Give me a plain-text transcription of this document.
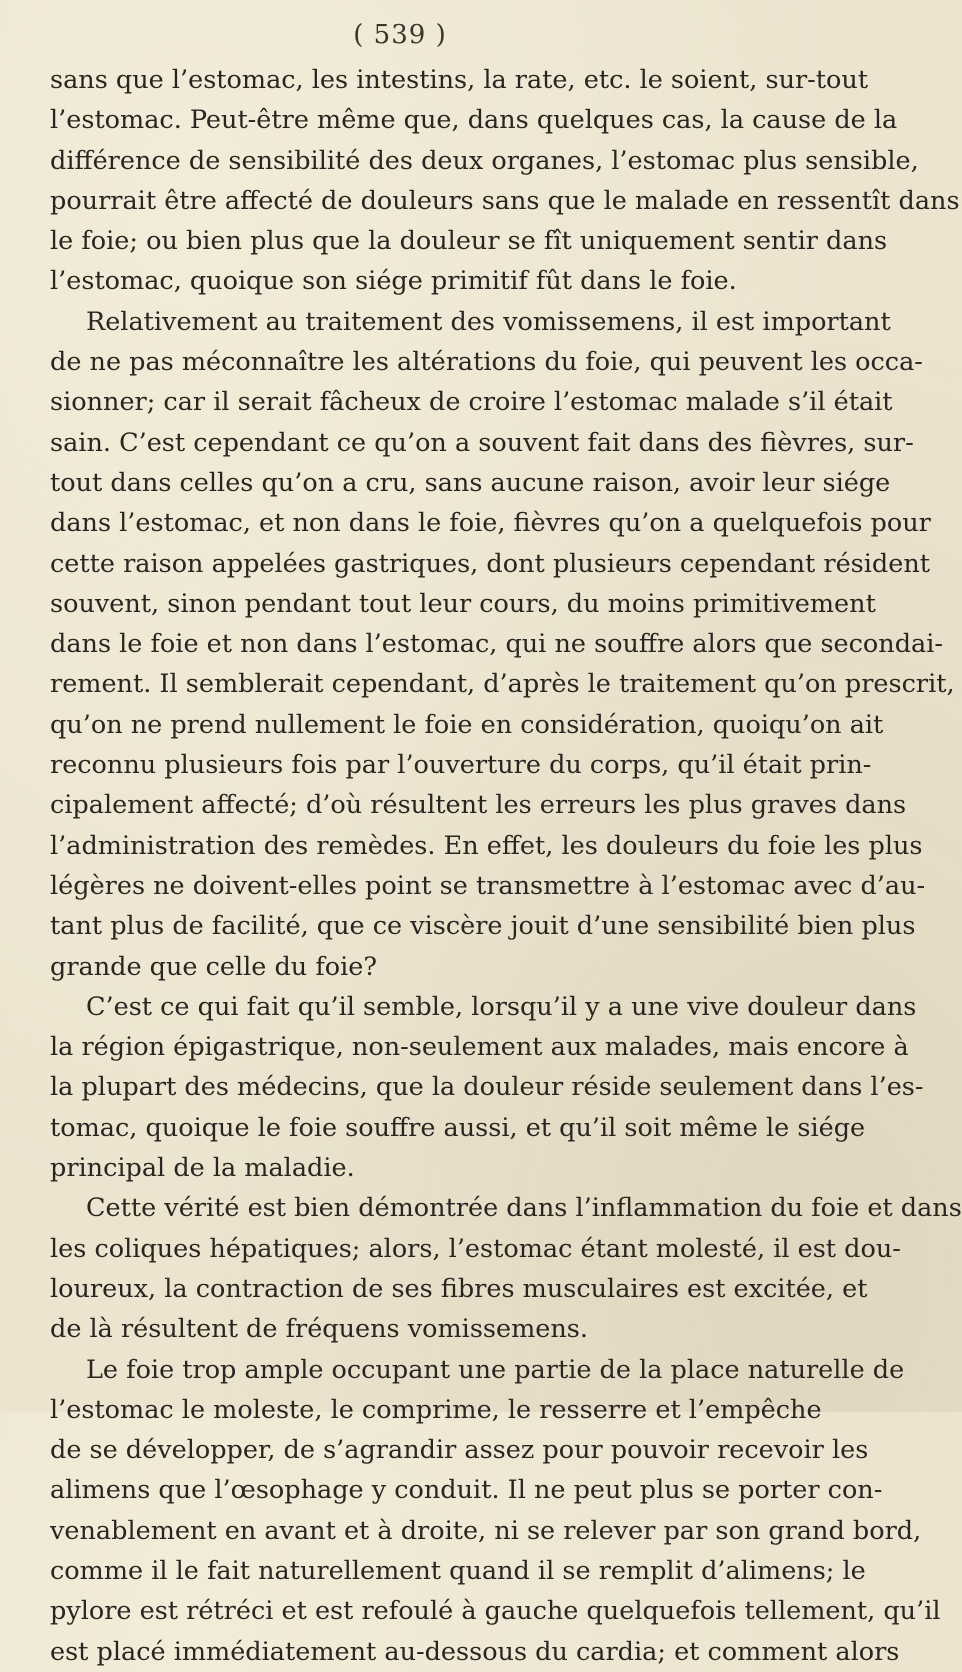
( 539 )
sans que l’estomac, les intestins, la rate, etc. le soient, sur-tout
l’estomac. Peut-être même que, dans quelques cas, la cause de la
différence de sensibilité des deux organes, l’estomac plus sensible,
pourrait être affecté de douleurs sans que le malade en ressentît dans
le foie; ou bien plus que la douleur se fît uniquement sentir dans
l’estomac, quoique son siége primitif fût dans le foie.
Relativement au traitement des vomissemens, il est important
de ne pas méconnaître les altérations du foie, qui peuvent les occa-
sionner; car il serait fâcheux de croire l’estomac malade s’il était
sain. C’est cependant ce qu’on a souvent fait dans des fièvres, sur-
tout dans celles qu’on a cru, sans aucune raison, avoir leur siége
dans l’estomac, et non dans le foie, fièvres qu’on a quelquefois pour
cette raison appelées gastriques, dont plusieurs cependant résident
souvent, sinon pendant tout leur cours, du moins primitivement
dans le foie et non dans l’estomac, qui ne souffre alors que secondai-
rement. Il semblerait cependant, d’après le traitement qu’on prescrit,
qu’on ne prend nullement le foie en considération, quoiqu’on ait
reconnu plusieurs fois par l’ouverture du corps, qu’il était prin-
cipalement affecté; d’où résultent les erreurs les plus graves dans
l’administration des remèdes. En effet, les douleurs du foie les plus
légères ne doivent-elles point se transmettre à l’estomac avec d’au-
tant plus de facilité, que ce viscère jouit d’une sensibilité bien plus
grande que celle du foie?
C’est ce qui fait qu’il semble, lorsqu’il y a une vive douleur dans
la région épigastrique, non-seulement aux malades, mais encore à
la plupart des médecins, que la douleur réside seulement dans l’es-
tomac, quoique le foie souffre aussi, et qu’il soit même le siége
principal de la maladie.
Cette vérité est bien démontrée dans l’inflammation du foie et dans
les coliques hépatiques; alors, l’estomac étant molesté, il est dou-
loureux, la contraction de ses fibres musculaires est excitée, et
de là résultent de fréquens vomissemens.
Le foie trop ample occupant une partie de la place naturelle de
l’estomac le moleste, le comprime, le resserre et l’empêche
de se développer, de s’agrandir assez pour pouvoir recevoir les
alimens que l’œsophage y conduit. Il ne peut plus se porter con-
venablement en avant et à droite, ni se relever par son grand bord,
comme il le fait naturellement quand il se remplit d’alimens; le
pylore est rétréci et est refoulé à gauche quelquefois tellement, qu’il
est placé immédiatement au-dessous du cardia; et comment alors
